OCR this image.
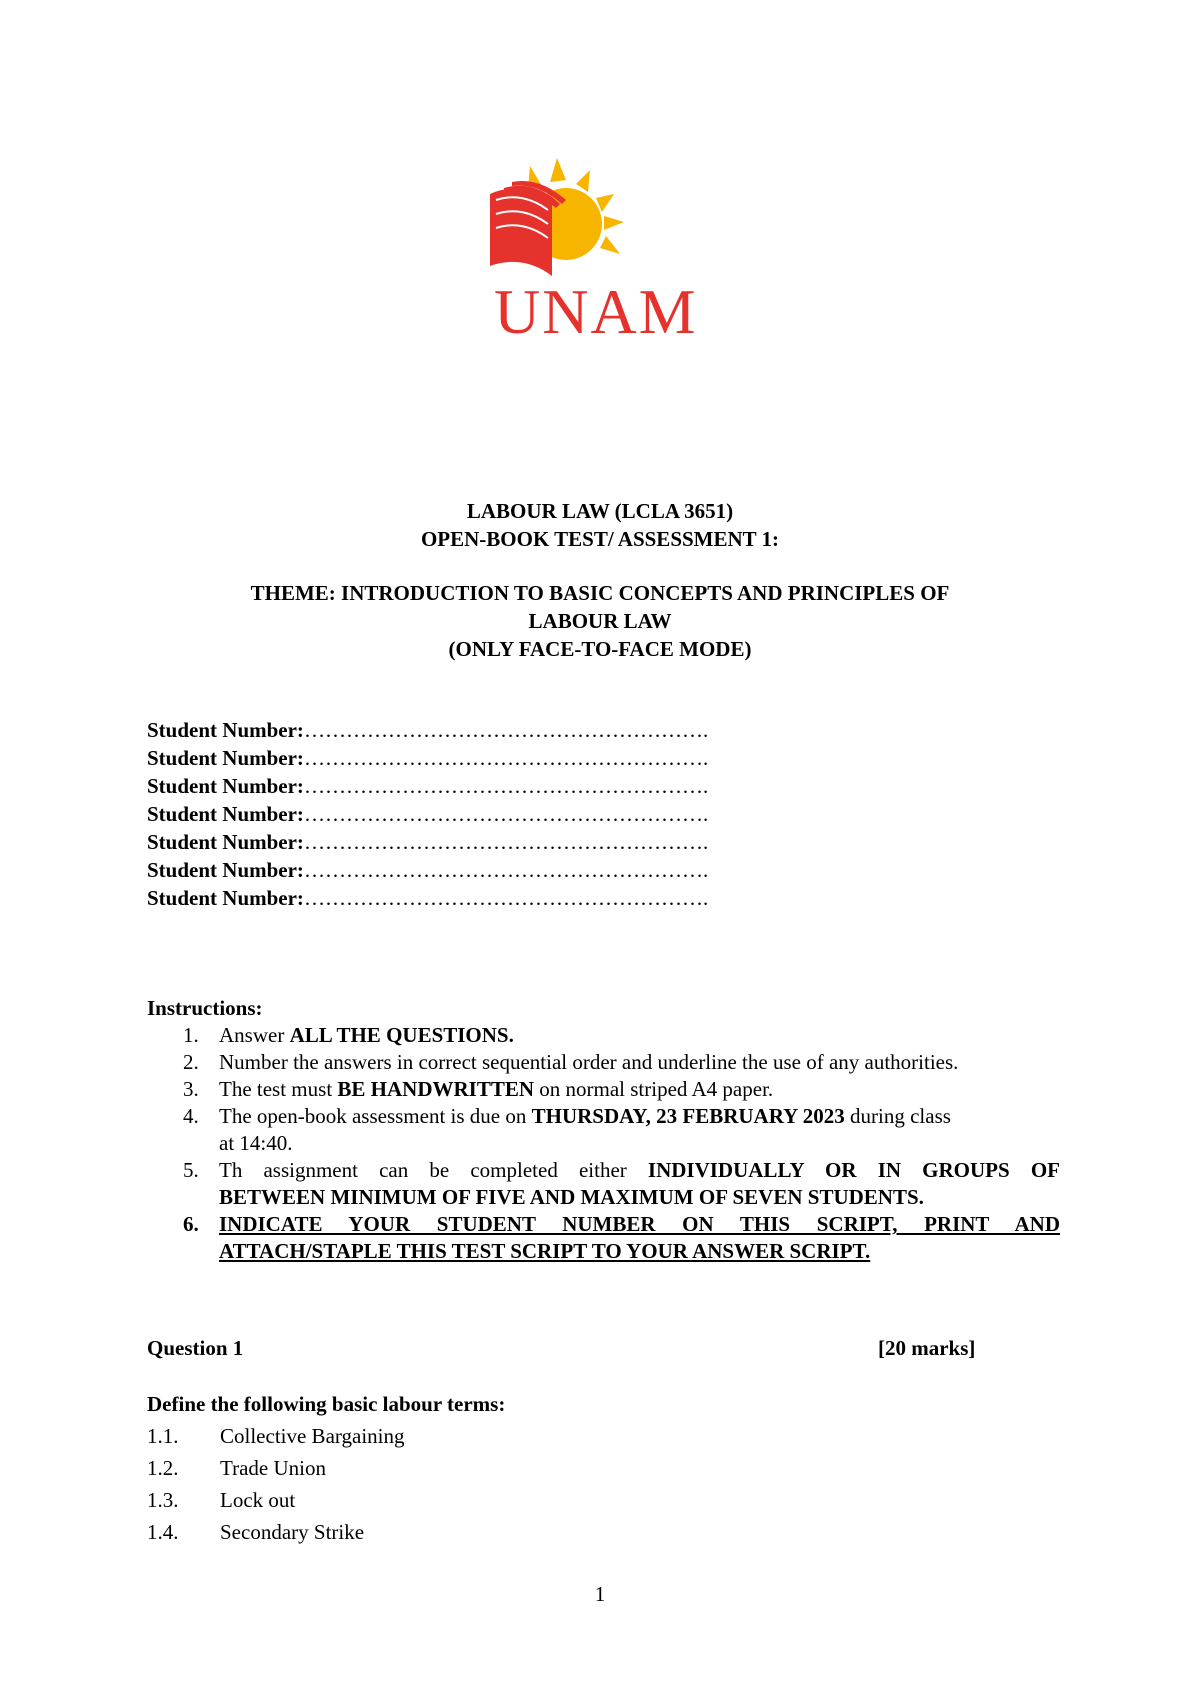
UNAM
LABOUR LAW (LCLA 3651)
OPEN-BOOK TEST/ ASSESSMENT 1:
THEME: INTRODUCTION TO BASIC CONCEPTS AND PRINCIPLES OF
LABOUR LAW
(ONLY FACE-TO-FACE MODE)
Student Number:………………………………………………….
Student Number:………………………………………………….
Student Number:………………………………………………….
Student Number:………………………………………………….
Student Number:………………………………………………….
Student Number:………………………………………………….
Student Number:………………………………………………….
Instructions:
1. Answer ALL THE QUESTIONS.
2. Number the answers in correct sequential order and underline the use of any authorities.
3. The test must BE HANDWRITTEN on normal striped A4 paper.
4. The open-book assessment is due on THURSDAY, 23 FEBRUARY 2023 during class
at 14:40.
5. Th assignment can be completed either INDIVIDUALLY OR IN GROUPS OF
BETWEEN MINIMUM OF FIVE AND MAXIMUM OF SEVEN STUDENTS.
6. INDICATE YOUR STUDENT NUMBER ON THIS SCRIPT, PRINT AND
ATTACH/STAPLE THIS TEST SCRIPT TO YOUR ANSWER SCRIPT.
Question 1	[20 marks]
Define the following basic labour terms:
1.1.	Collective Bargaining
1.2.	Trade Union
1.3.	Lock out
1.4.	Secondary Strike
1
